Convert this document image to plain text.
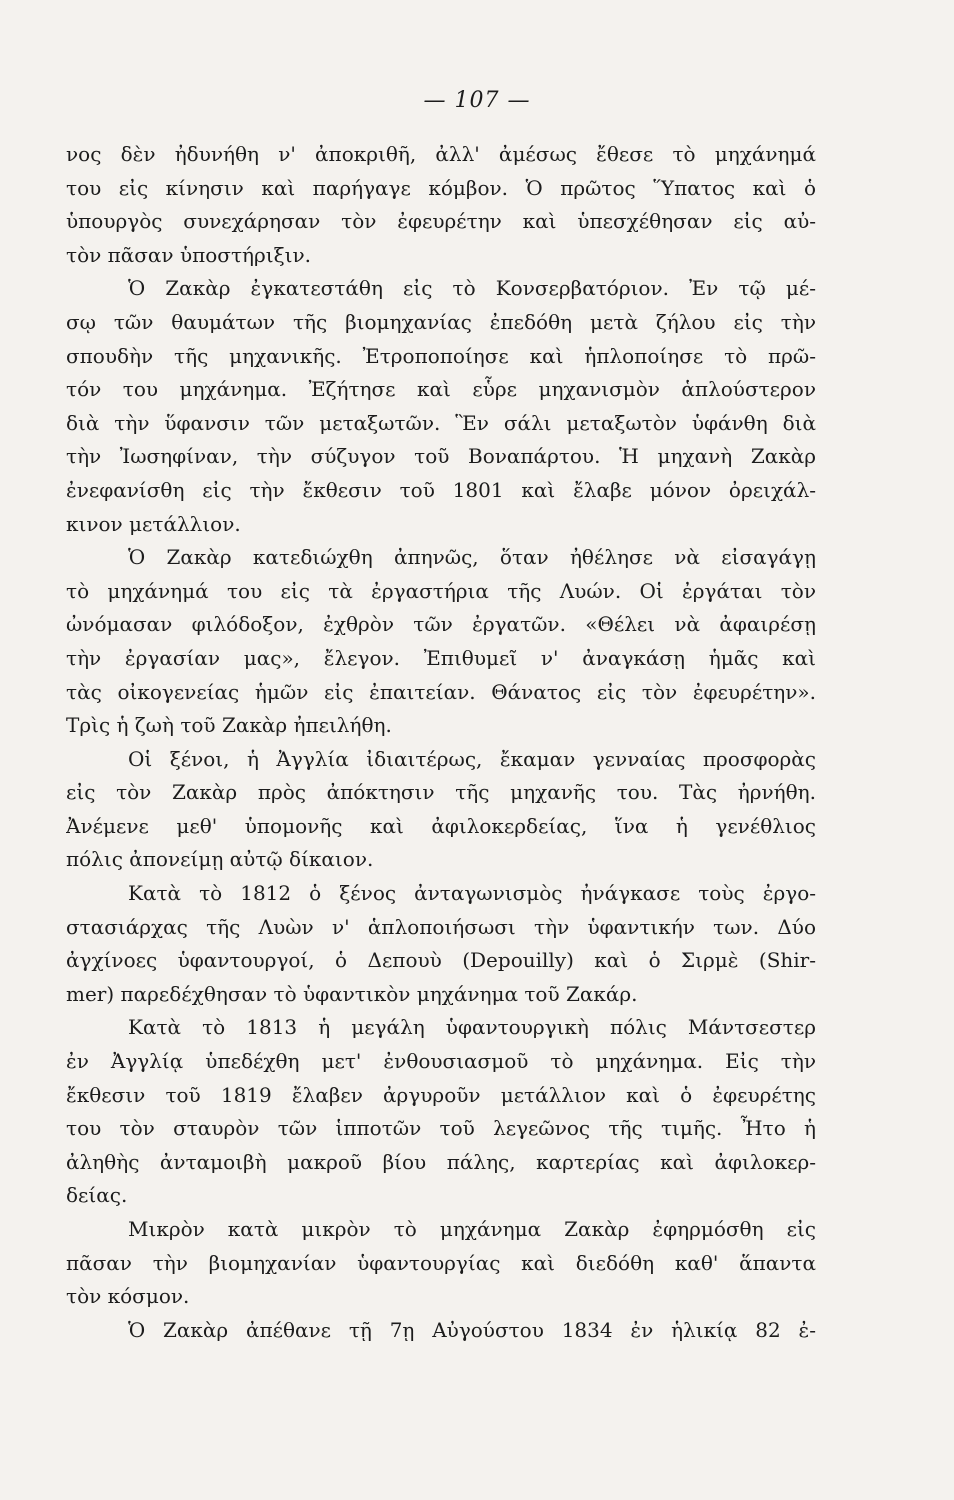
— 107 —
νος δὲν ἠδυνήθη ν' ἀποκριθῆ, ἀλλ' ἀμέσως ἔθεσε τὸ μηχάνημά
του εἰς κίνησιν καὶ παρήγαγε κόμβον. Ὁ πρῶτος Ὕπατος καὶ ὁ
ὑπουργὸς συνεχάρησαν τὸν ἐφευρέτην καὶ ὑπεσχέθησαν εἰς αὐ-
τὸν πᾶσαν ὑποστήριξιν.
Ὁ Ζακὰρ ἐγκατεστάθη εἰς τὸ Κονσερβατόριον. Ἐν τῷ μέ-
σῳ τῶν θαυμάτων τῆς βιομηχανίας ἐπεδόθη μετὰ ζήλου εἰς τὴν
σπουδὴν τῆς μηχανικῆς. Ἐτροποποίησε καὶ ἡπλοποίησε τὸ πρῶ-
τόν του μηχάνημα. Ἐζήτησε καὶ εὗρε μηχανισμὸν ἁπλούστερον
διὰ τὴν ὕφανσιν τῶν μεταξωτῶν. Ἓν σάλι μεταξωτὸν ὑφάνθη διὰ
τὴν Ἰωσηφίναν, τὴν σύζυγον τοῦ Βοναπάρτου. Ἡ μηχανὴ Ζακὰρ
ἐνεφανίσθη εἰς τὴν ἔκθεσιν τοῦ 1801 καὶ ἔλαβε μόνον ὀρειχάλ-
κινον μετάλλιον.
Ὁ Ζακὰρ κατεδιώχθη ἀπηνῶς, ὅταν ἠθέλησε νὰ εἰσαγάγῃ
τὸ μηχάνημά του εἰς τὰ ἐργαστήρια τῆς Λυών. Οἱ ἐργάται τὸν
ὠνόμασαν φιλόδοξον, ἐχθρὸν τῶν ἐργατῶν. «Θέλει νὰ ἀφαιρέσῃ
τὴν ἐργασίαν μας», ἔλεγον. Ἐπιθυμεῖ ν' ἀναγκάσῃ ἡμᾶς καὶ
τὰς οἰκογενείας ἡμῶν εἰς ἐπαιτείαν. Θάνατος εἰς τὸν ἐφευρέτην».
Τρὶς ἡ ζωὴ τοῦ Ζακὰρ ἠπειλήθη.
Οἱ ξένοι, ἡ Ἀγγλία ἰδιαιτέρως, ἔκαμαν γενναίας προσφορὰς
εἰς τὸν Ζακὰρ πρὸς ἀπόκτησιν τῆς μηχανῆς του. Τὰς ἠρνήθη.
Ἀνέμενε μεθ' ὑπομονῆς καὶ ἀφιλοκερδείας, ἵνα ἡ γενέθλιος
πόλις ἀπονείμῃ αὐτῷ δίκαιον.
Κατὰ τὸ 1812 ὁ ξένος ἀνταγωνισμὸς ἠνάγκασε τοὺς ἐργο-
στασιάρχας τῆς Λυὼν ν' ἁπλοποιήσωσι τὴν ὑφαντικήν των. Δύο
ἀγχίνοες ὑφαντουργοί, ὁ Δεπουὺ (Depouilly) καὶ ὁ Σιρμὲ (Shir-
mer) παρεδέχθησαν τὸ ὑφαντικὸν μηχάνημα τοῦ Ζακάρ.
Κατὰ τὸ 1813 ἡ μεγάλη ὑφαντουργικὴ πόλις Μάντσεστερ
ἐν Ἀγγλίᾳ ὑπεδέχθη μετ' ἐνθουσιασμοῦ τὸ μηχάνημα. Εἰς τὴν
ἔκθεσιν τοῦ 1819 ἔλαβεν ἀργυροῦν μετάλλιον καὶ ὁ ἐφευρέτης
του τὸν σταυρὸν τῶν ἱπποτῶν τοῦ λεγεῶνος τῆς τιμῆς. Ἦτο ἡ
ἀληθὴς ἀνταμοιβὴ μακροῦ βίου πάλης, καρτερίας καὶ ἀφιλοκερ-
δείας.
Μικρὸν κατὰ μικρὸν τὸ μηχάνημα Ζακὰρ ἐφηρμόσθη εἰς
πᾶσαν τὴν βιομηχανίαν ὑφαντουργίας καὶ διεδόθη καθ' ἅπαντα
τὸν κόσμον.
Ὁ Ζακὰρ ἀπέθανε τῇ 7ῃ Αὐγούστου 1834 ἐν ἡλικίᾳ 82 ἐ-
